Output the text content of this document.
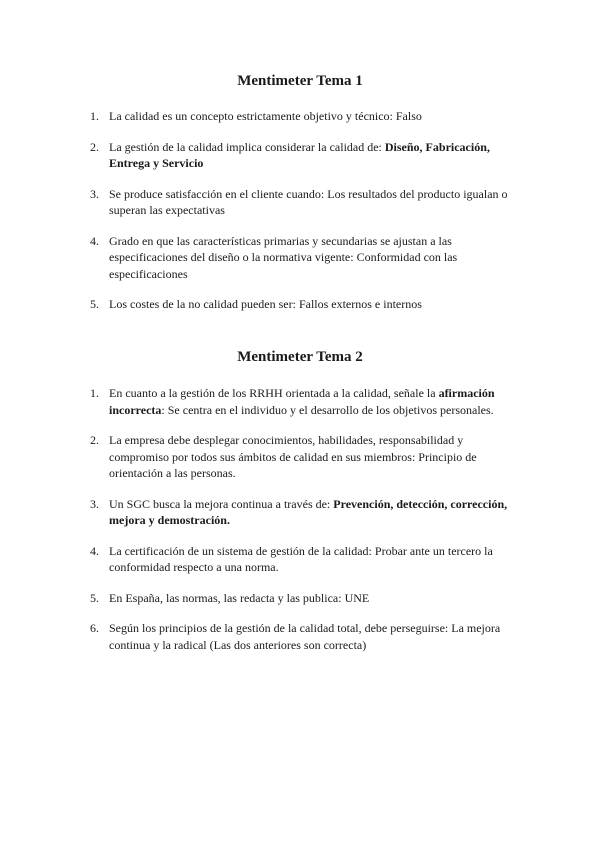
Mentimeter Tema 1
1. La calidad es un concepto estrictamente objetivo y técnico: Falso
2. La gestión de la calidad implica considerar la calidad de: Diseño, Fabricación, Entrega y Servicio
3. Se produce satisfacción en el cliente cuando: Los resultados del producto igualan o superan las expectativas
4. Grado en que las características primarias y secundarias se ajustan a las especificaciones del diseño o la normativa vigente: Conformidad con las especificaciones
5. Los costes de la no calidad pueden ser: Fallos externos e internos
Mentimeter Tema 2
1. En cuanto a la gestión de los RRHH orientada a la calidad, señale la afirmación incorrecta: Se centra en el individuo y el desarrollo de los objetivos personales.
2. La empresa debe desplegar conocimientos, habilidades, responsabilidad y compromiso por todos sus ámbitos de calidad en sus miembros: Principio de orientación a las personas.
3. Un SGC busca la mejora continua a través de: Prevención, detección, corrección, mejora y demostración.
4. La certificación de un sistema de gestión de la calidad: Probar ante un tercero la conformidad respecto a una norma.
5. En España, las normas, las redacta y las publica: UNE
6. Según los principios de la gestión de la calidad total, debe perseguirse: La mejora continua y la radical (Las dos anteriores son correcta)
